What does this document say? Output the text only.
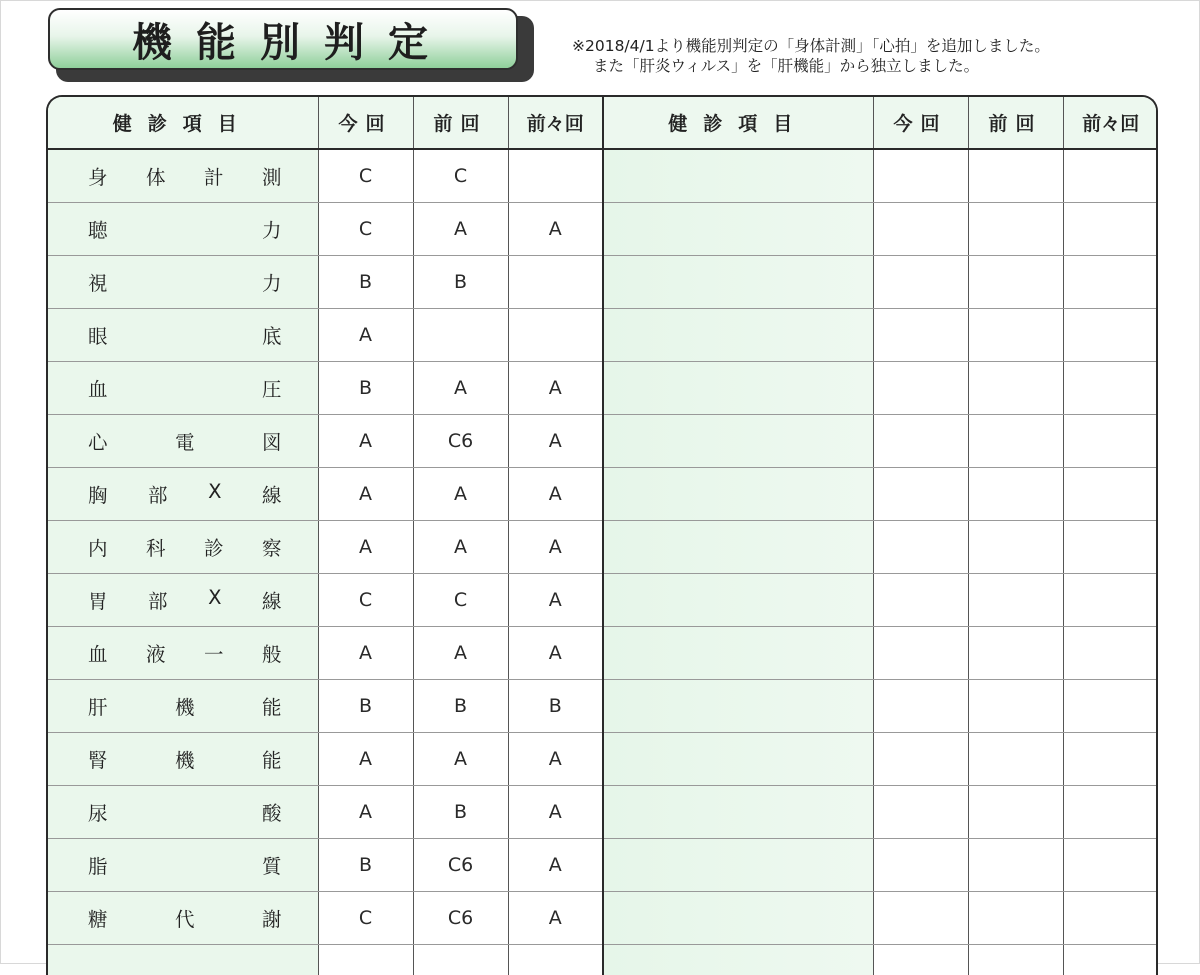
機能別判定	※2018/4/1より機能別判定の「身体計測」「心拍」を追加しました。
また「肝炎ウィルス」を「肝機能」から独立しました。
健診項目	今回	前回	前々回	健診項目	今回	前回	前々回

身 体 計 測	C	C					

聴 力	C	A	A				

視 力	B	B					

眼 底	A						

血 圧	B	A	A				

心 電 図	A	C6	A				

胸 部 X 線	A	A	A				

内 科 診 察	A	A	A				

胃 部 X 線	C	C	A				

血 液 一 般	A	A	A				

肝 機 能	B	B	B				

腎 機 能	A	A	A				

尿 酸	A	B	A				

脂 質	B	C6	A				

糖 代 謝	C	C6	A				
